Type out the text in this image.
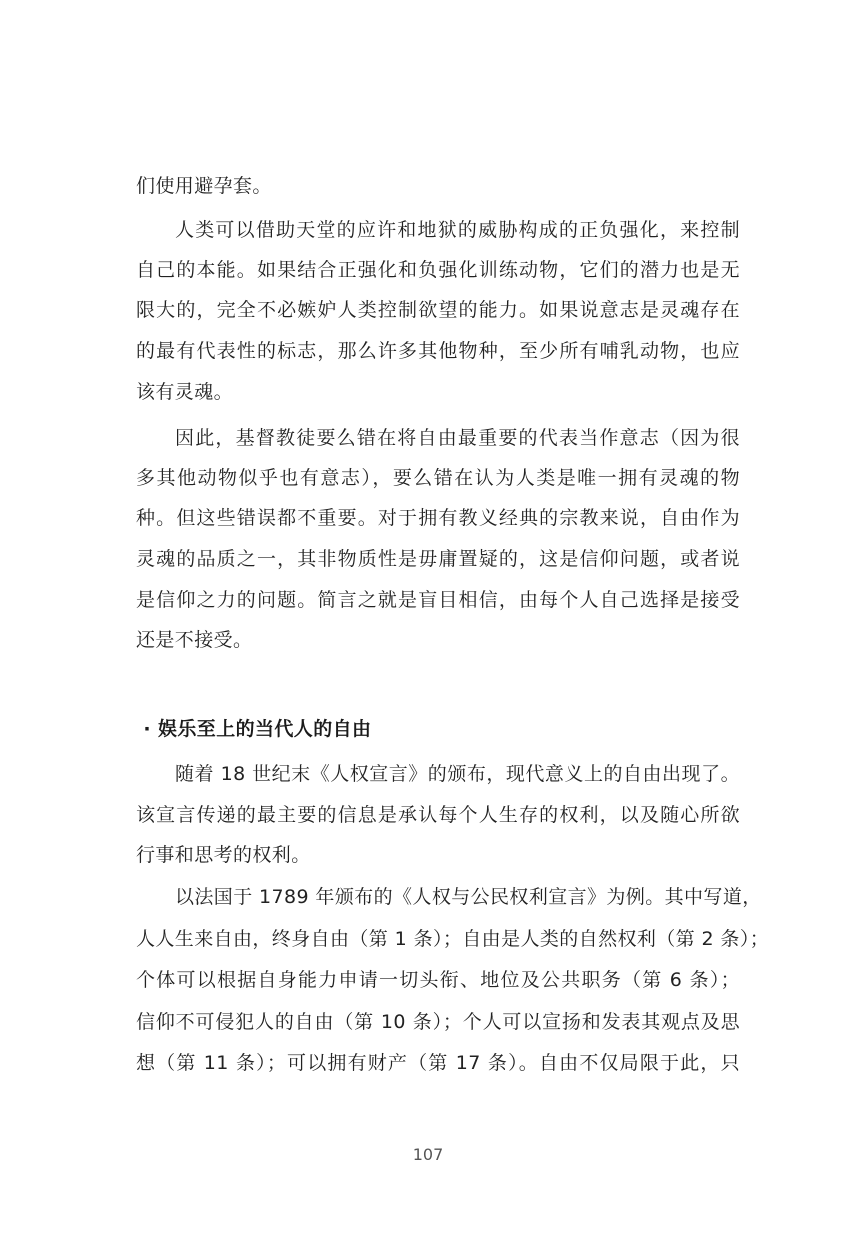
们使用避孕套。
人类可以借助天堂的应许和地狱的威胁构成的正负强化，来控制
自己的本能。如果结合正强化和负强化训练动物，它们的潜力也是无
限大的，完全不必嫉妒人类控制欲望的能力。如果说意志是灵魂存在
的最有代表性的标志，那么许多其他物种，至少所有哺乳动物，也应
该有灵魂。
因此，基督教徒要么错在将自由最重要的代表当作意志（因为很
多其他动物似乎也有意志），要么错在认为人类是唯一拥有灵魂的物
种。但这些错误都不重要。对于拥有教义经典的宗教来说，自由作为
灵魂的品质之一，其非物质性是毋庸置疑的，这是信仰问题，或者说
是信仰之力的问题。简言之就是盲目相信，由每个人自己选择是接受
还是不接受。
· 娱乐至上的当代人的自由
随着 18 世纪末《人权宣言》的颁布，现代意义上的自由出现了。
该宣言传递的最主要的信息是承认每个人生存的权利，以及随心所欲
行事和思考的权利。
以法国于 1789 年颁布的《人权与公民权利宣言》为例。其中写道，
人人生来自由，终身自由（第 1 条）；自由是人类的自然权利（第 2 条）；
个体可以根据自身能力申请一切头衔、地位及公共职务（第 6 条）；
信仰不可侵犯人的自由（第 10 条）；个人可以宣扬和发表其观点及思
想（第 11 条）；可以拥有财产（第 17 条）。自由不仅局限于此，只
107
